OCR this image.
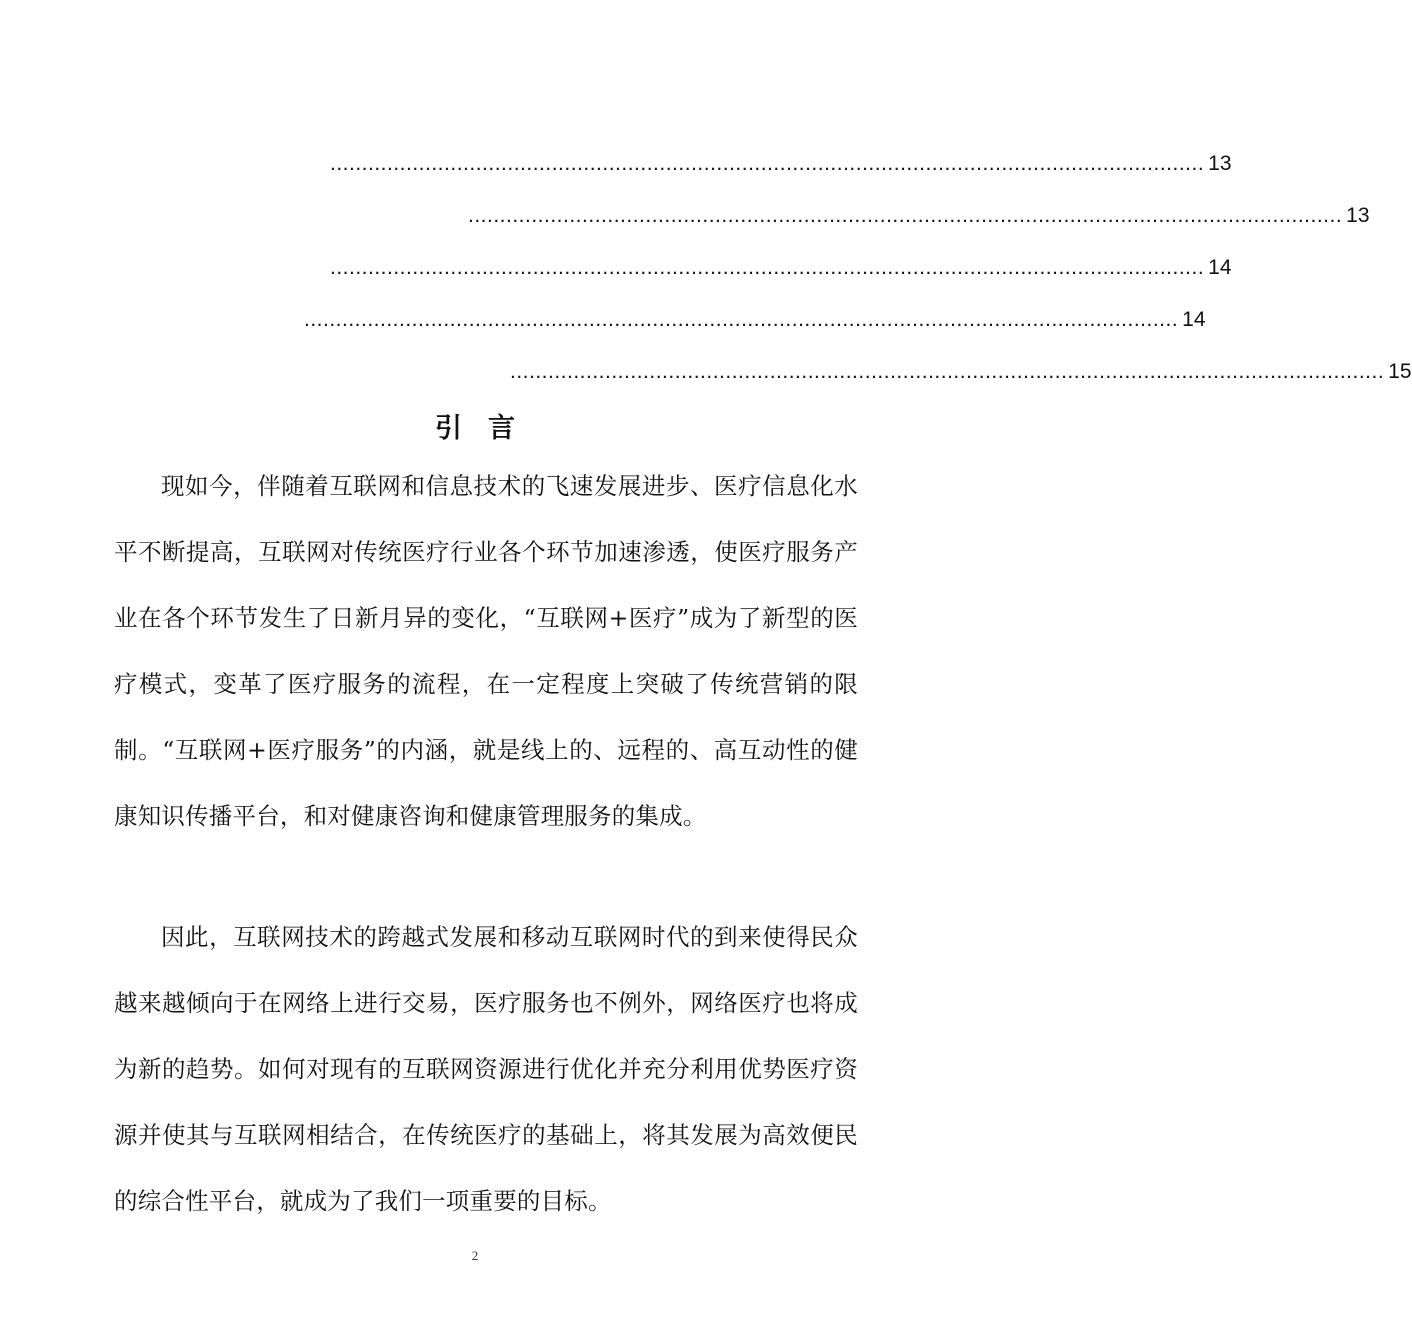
.......................................................................................................................................... 13
.......................................................................................................................................... 13
.......................................................................................................................................... 14
.......................................................................................................................................... 14
.......................................................................................................................................... 15
引言

现如今，伴随着互联网和信息技术的飞速发展进步、医疗信息化水平不断提高，互联网对传统医疗行业各个环节加速渗透，使医疗服务产业在各个环节发生了日新月异的变化，“互联网+医疗”成为了新型的医疗模式，变革了医疗服务的流程，在一定程度上突破了传统营销的限制。“互联网+医疗服务”的内涵，就是线上的、远程的、高互动性的健康知识传播平台，和对健康咨询和健康管理服务的集成。

因此，互联网技术的跨越式发展和移动互联网时代的到来使得民众越来越倾向于在网络上进行交易，医疗服务也不例外，网络医疗也将成为新的趋势。如何对现有的互联网资源进行优化并充分利用优势医疗资源并使其与互联网相结合，在传统医疗的基础上，将其发展为高效便民的综合性平台，就成为了我们一项重要的目标。

2
